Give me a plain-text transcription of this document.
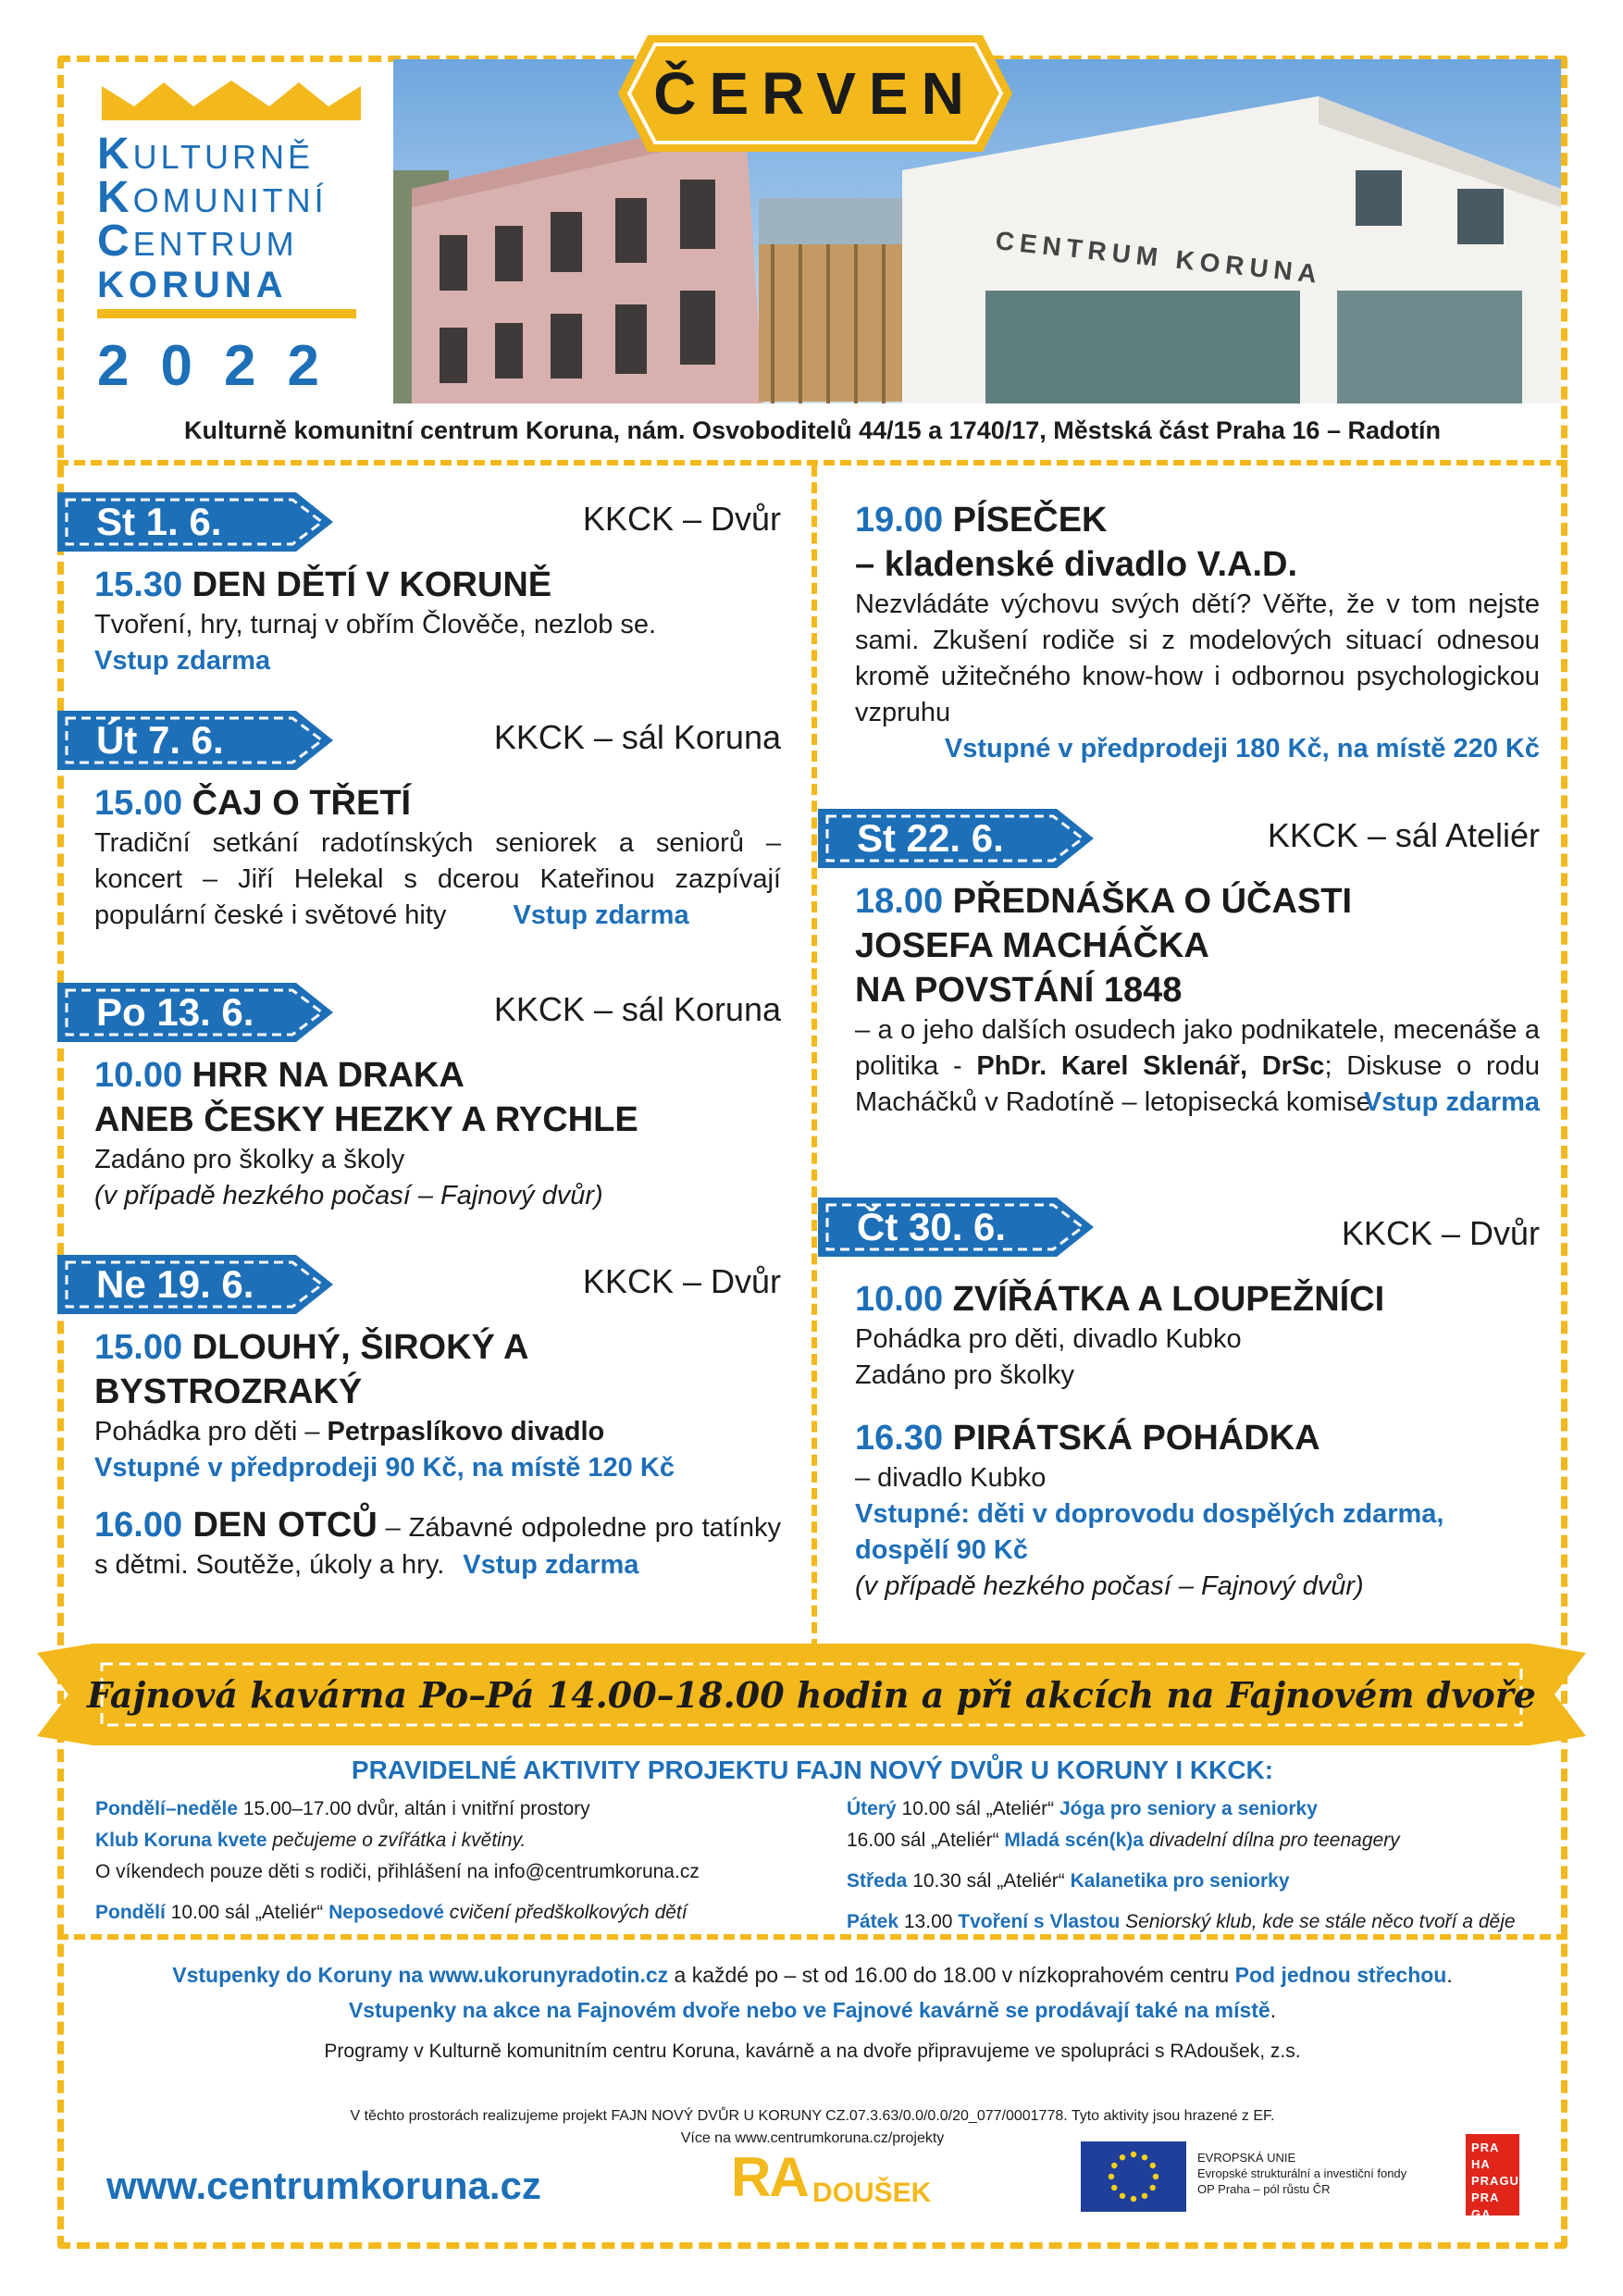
KULTURNĚ
KOMUNITNÍ
CENTRUM
KORUNA
2022
CENTRUM KORUNA
ČERVEN
Kulturně komunitní centrum Koruna, nám. Osvoboditelů 44/15 a 1740/17, Městská část Praha 16 – Radotín
St 1. 6.	KKCK – Dvůr
15.30 DEN DĚTÍ V KORUNĚ
Tvoření, hry, turnaj v obřím Člověče, nezlob se.
Vstup zdarma
Út 7. 6.	KKCK – sál Koruna
15.00 ČAJ O TŘETÍ
Tradiční setkání radotínských seniorek a seniorů – koncert – Jiří Helekal s dcerou Kateřinou zazpívají populární české i světové hity Vstup zdarma
Po 13. 6.	KKCK – sál Koruna
10.00 HRR NA DRAKA
ANEB ČESKY HEZKY A RYCHLE
Zadáno pro školky a školy
(v případě hezkého počasí – Fajnový dvůr)
Ne 19. 6.	KKCK – Dvůr
15.00 DLOUHÝ, ŠIROKÝ A
BYSTROZRAKÝ
Pohádka pro děti – Petrpaslíkovo divadlo
Vstupné v předprodeji 90 Kč, na místě 120 Kč
16.00 DEN OTCŮ – Zábavné odpoledne pro tatínky s dětmi. Soutěže, úkoly a hry. Vstup zdarma
19.00 PÍSEČEK
– kladenské divadlo V.A.D.
Nezvládáte výchovu svých dětí? Věřte, že v tom nejste sami. Zkušení rodiče si z modelových situací odnesou kromě užitečného know-how i odbornou psychologickou vzpruhu
Vstupné v předprodeji 180 Kč, na místě 220 Kč
St 22. 6.	KKCK – sál Ateliér
18.00 PŘEDNÁŠKA O ÚČASTI
JOSEFA MACHÁČKA
NA POVSTÁNÍ 1848
– a o jeho dalších osudech jako podnikatele, mecenáše a politika - PhDr. Karel Sklenář, DrSc; Diskuse o rodu Macháčků v Radotíně – letopisecká komise
Vstup zdarma
Čt 30. 6.	KKCK – Dvůr
10.00 ZVÍŘÁTKA A LOUPEŽNÍCI
Pohádka pro děti, divadlo Kubko
Zadáno pro školky
16.30 PIRÁTSKÁ POHÁDKA
– divadlo Kubko
Vstupné: děti v doprovodu dospělých zdarma, dospělí 90 Kč
(v případě hezkého počasí – Fajnový dvůr)
Fajnová kavárna Po–Pá 14.00–18.00 hodin a při akcích na Fajnovém dvoře
PRAVIDELNÉ AKTIVITY PROJEKTU FAJN NOVÝ DVŮR U KORUNY I KKCK:
Pondělí–neděle 15.00–17.00 dvůr, altán i vnitřní prostory
Klub Koruna kvete pečujeme o zvířátka i květiny.
O víkendech pouze děti s rodiči, přihlášení na info@centrumkoruna.cz
Pondělí 10.00 sál „Ateliér“ Neposedové cvičení předškolkových dětí
Úterý 10.00 sál „Ateliér“ Jóga pro seniory a seniorky
16.00 sál „Ateliér“ Mladá scén(k)a divadelní dílna pro teenagery
Středa 10.30 sál „Ateliér“ Kalanetika pro seniorky
Pátek 13.00 Tvoření s Vlastou Seniorský klub, kde se stále něco tvoří a děje
Vstupenky do Koruny na www.ukorunyradotin.cz a každé po – st od 16.00 do 18.00 v nízkoprahovém centru Pod jednou střechou.
Vstupenky na akce na Fajnovém dvoře nebo ve Fajnové kavárně se prodávají také na místě.
Programy v Kulturně komunitním centru Koruna, kavárně a na dvoře připravujeme ve spolupráci s RAdoušek, z.s.
V těchto prostorách realizujeme projekt FAJN NOVÝ DVŮR U KORUNY CZ.07.3.63/0.0/0.0/20_077/0001778. Tyto aktivity jsou hrazené z EF.
Více na www.centrumkoruna.cz/projekty
www.centrumkoruna.cz	RA DOUŠEK
EVROPSKÁ UNIE
Evropské strukturální a investiční fondy
OP Praha – pól růstu ČR
PRA HA
PRAGUE
PRA GA
PRAG
